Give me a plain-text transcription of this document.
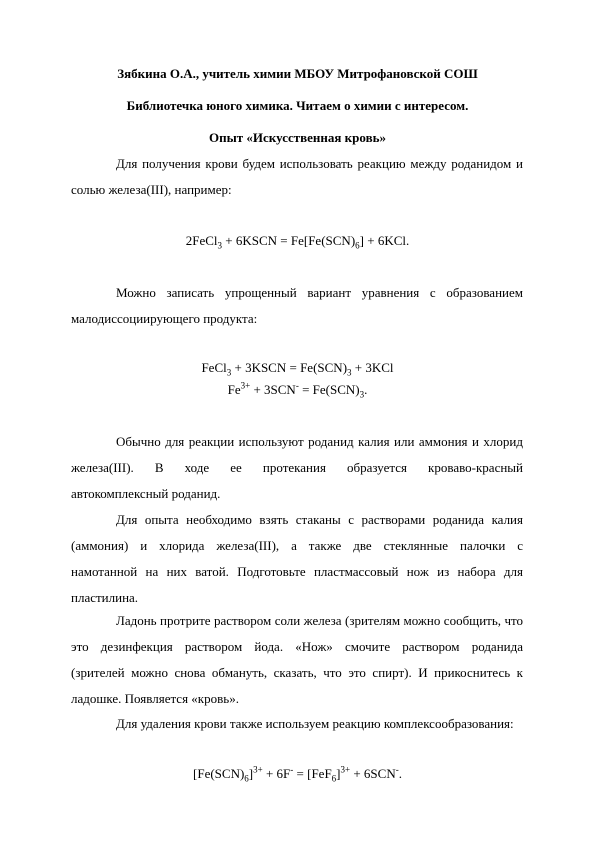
Зябкина О.А., учитель химии МБОУ Митрофановской СОШ
Библиотечка юного химика. Читаем о химии с интересом.
Опыт «Искусственная кровь»
Для получения крови будем использовать реакцию между роданидом и
солью железа(III), например:
2FeCl$_3$ + 6KSCN = $Fe[Fe(SCN)_6] + 6KCl$.
Можно записать упрощенный вариант уравнения с образованием
малодиссоциирующего продукта:
FeCl$_3$ + 3KSCN = $Fe(SCN)_3 + 3KCl$
$Fe^{3+} + 3SCN^- = Fe(SCN)_3$.
Обычно для реакции используют роданид калия или аммония и хлорид
железа(III). В ходе ее протекания образуется кроваво-красный
автокомплексный роданид.
Для опыта необходимо взять стаканы с растворами роданида калия
(аммония) и хлорида железа(III), а также две стеклянные палочки с
намотанной на них ватой. Подготовьте пластмассовый нож из набора для
пластилина.
Ладонь протрите раствором соли железа (зрителям можно сообщить, что
это дезинфекция раствором йода. «Нож» смочите раствором роданида
(зрителей можно снова обмануть, сказать, что это спирт). И прикоснитесь к
ладошке. Появляется «кровь».
Для удаления крови также используем реакцию комплексообразования:
$[Fe(SCN)_6]^{3+} + 6F^- = [FeF_6]^{3+} + 6SCN^-$.
